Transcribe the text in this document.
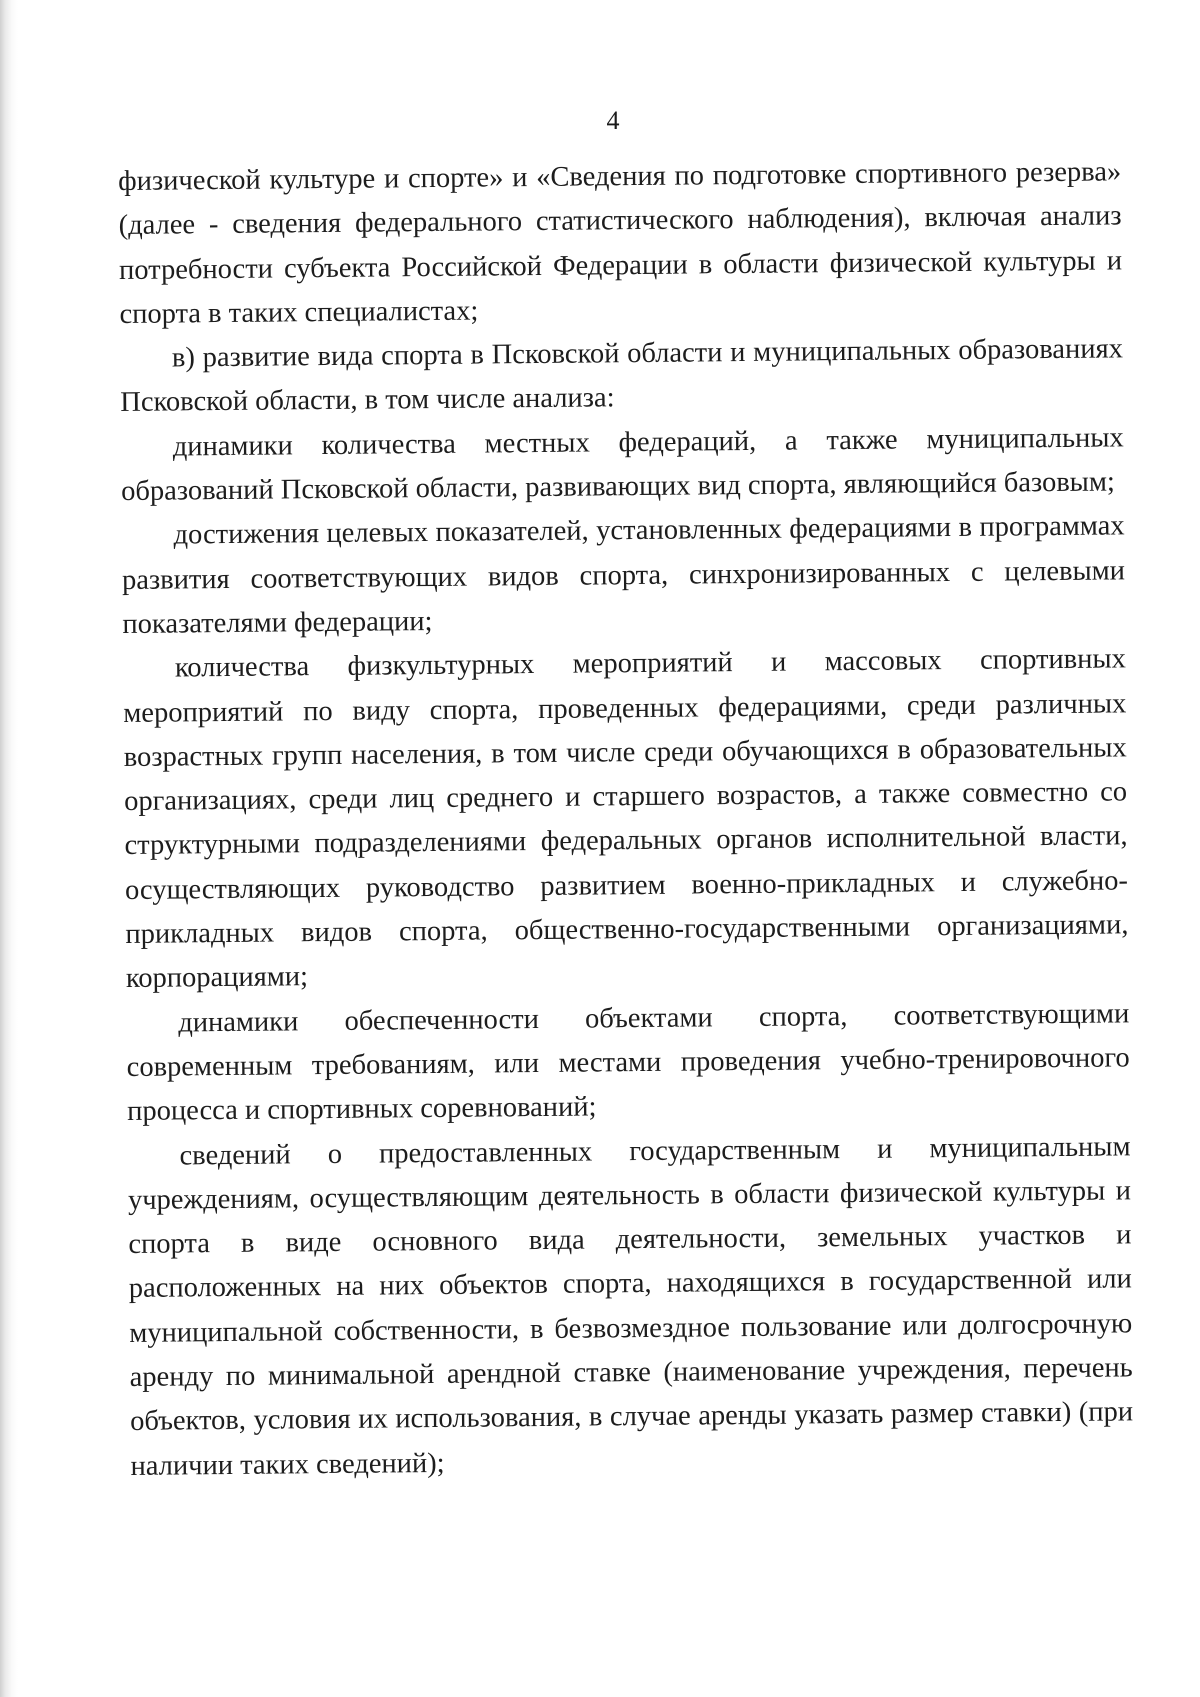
4

физической культуре и спорте» и «Сведения по подготовке спортивного резерва» (далее - сведения федерального статистического наблюдения), включая анализ потребности субъекта Российской Федерации в области физической культуры и спорта в таких специалистах;

в) развитие вида спорта в Псковской области и муниципальных образованиях Псковской области, в том числе анализа:

динамики количества местных федераций, а также муниципальных образований Псковской области, развивающих вид спорта, являющийся базовым;

достижения целевых показателей, установленных федерациями в программах развития соответствующих видов спорта, синхронизированных с целевыми показателями федерации;

количества физкультурных мероприятий и массовых спортивных мероприятий по виду спорта, проведенных федерациями, среди различных возрастных групп населения, в том числе среди обучающихся в образовательных организациях, среди лиц среднего и старшего возрастов, а также совместно со структурными подразделениями федеральных органов исполнительной власти, осуществляющих руководство развитием военно-прикладных и служебно-прикладных видов спорта, общественно-государственными организациями, корпорациями;

динамики обеспеченности объектами спорта, соответствующими современным требованиям, или местами проведения учебно-тренировочного процесса и спортивных соревнований;

сведений о предоставленных государственным и муниципальным учреждениям, осуществляющим деятельность в области физической культуры и спорта в виде основного вида деятельности, земельных участков и расположенных на них объектов спорта, находящихся в государственной или муниципальной собственности, в безвозмездное пользование или долгосрочную аренду по минимальной арендной ставке (наименование учреждения, перечень объектов, условия их использования, в случае аренды указать размер ставки) (при наличии таких сведений);
